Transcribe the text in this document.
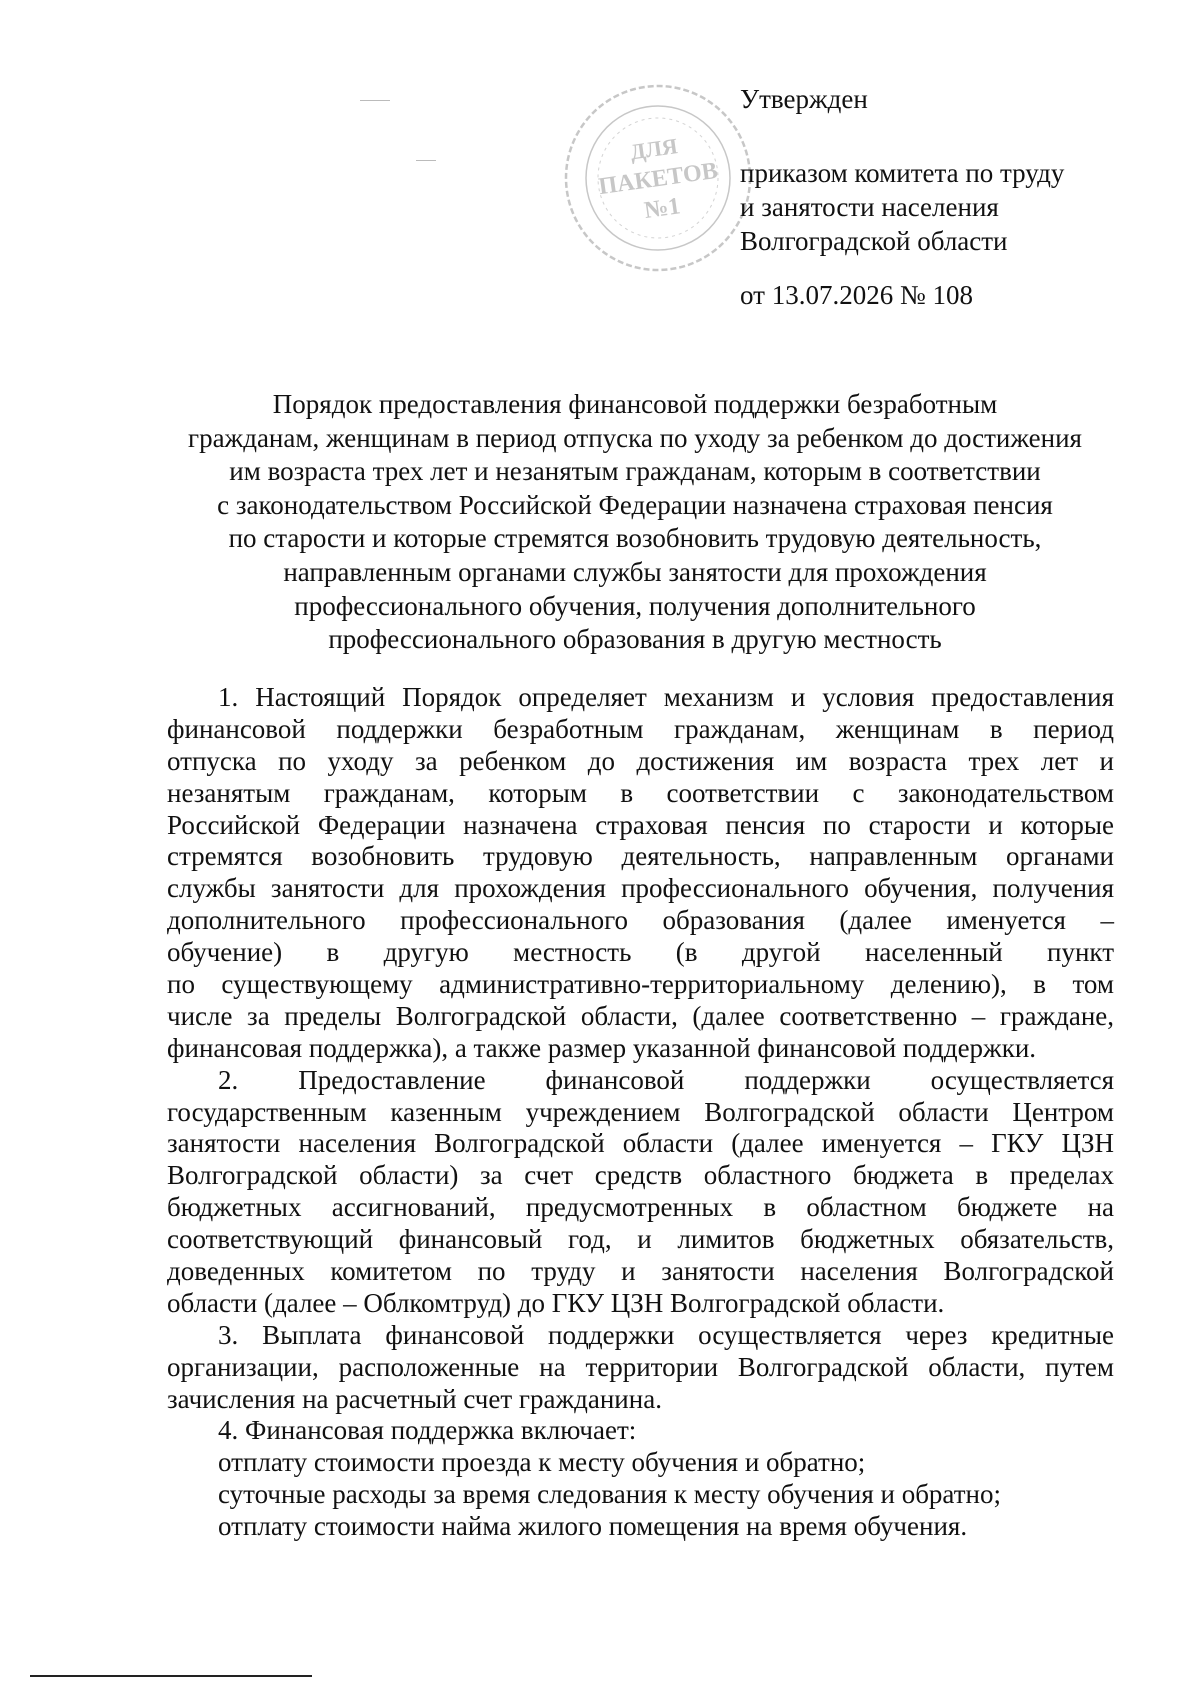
ДЛЯ
ПАКЕТОВ
№1
Утвержден
приказом комитета по труду
и занятости населения
Волгоградской области
от 13.07.2026 № 108
Порядок предоставления финансовой поддержки безработным
гражданам, женщинам в период отпуска по уходу за ребенком до достижения
им возраста трех лет и незанятым гражданам, которым в соответствии
с законодательством Российской Федерации назначена страховая пенсия
по старости и которые стремятся возобновить трудовую деятельность,
направленным органами службы занятости для прохождения
профессионального обучения, получения дополнительного
профессионального образования в другую местность
1. Настоящий Порядок определяет механизм и условия предоставления
финансовой поддержки безработным гражданам, женщинам в период
отпуска по уходу за ребенком до достижения им возраста трех лет и
незанятым гражданам, которым в соответствии с законодательством
Российской Федерации назначена страховая пенсия по старости и которые
стремятся возобновить трудовую деятельность, направленным органами
службы занятости для прохождения профессионального обучения, получения
дополнительного профессионального образования (далее именуется –
обучение) в другую местность (в другой населенный пункт
по существующему административно-территориальному делению), в том
числе за пределы Волгоградской области, (далее соответственно – граждане,
финансовая поддержка), а также размер указанной финансовой поддержки.
2. Предоставление финансовой поддержки осуществляется
государственным казенным учреждением Волгоградской области Центром
занятости населения Волгоградской области (далее именуется – ГКУ ЦЗН
Волгоградской области) за счет средств областного бюджета в пределах
бюджетных ассигнований, предусмотренных в областном бюджете на
соответствующий финансовый год, и лимитов бюджетных обязательств,
доведенных комитетом по труду и занятости населения Волгоградской
области (далее – Облкомтруд) до ГКУ ЦЗН Волгоградской области.
3. Выплата финансовой поддержки осуществляется через кредитные
организации, расположенные на территории Волгоградской области, путем
зачисления на расчетный счет гражданина.
4. Финансовая поддержка включает:
отплату стоимости проезда к месту обучения и обратно;
суточные расходы за время следования к месту обучения и обратно;
отплату стоимости найма жилого помещения на время обучения.
